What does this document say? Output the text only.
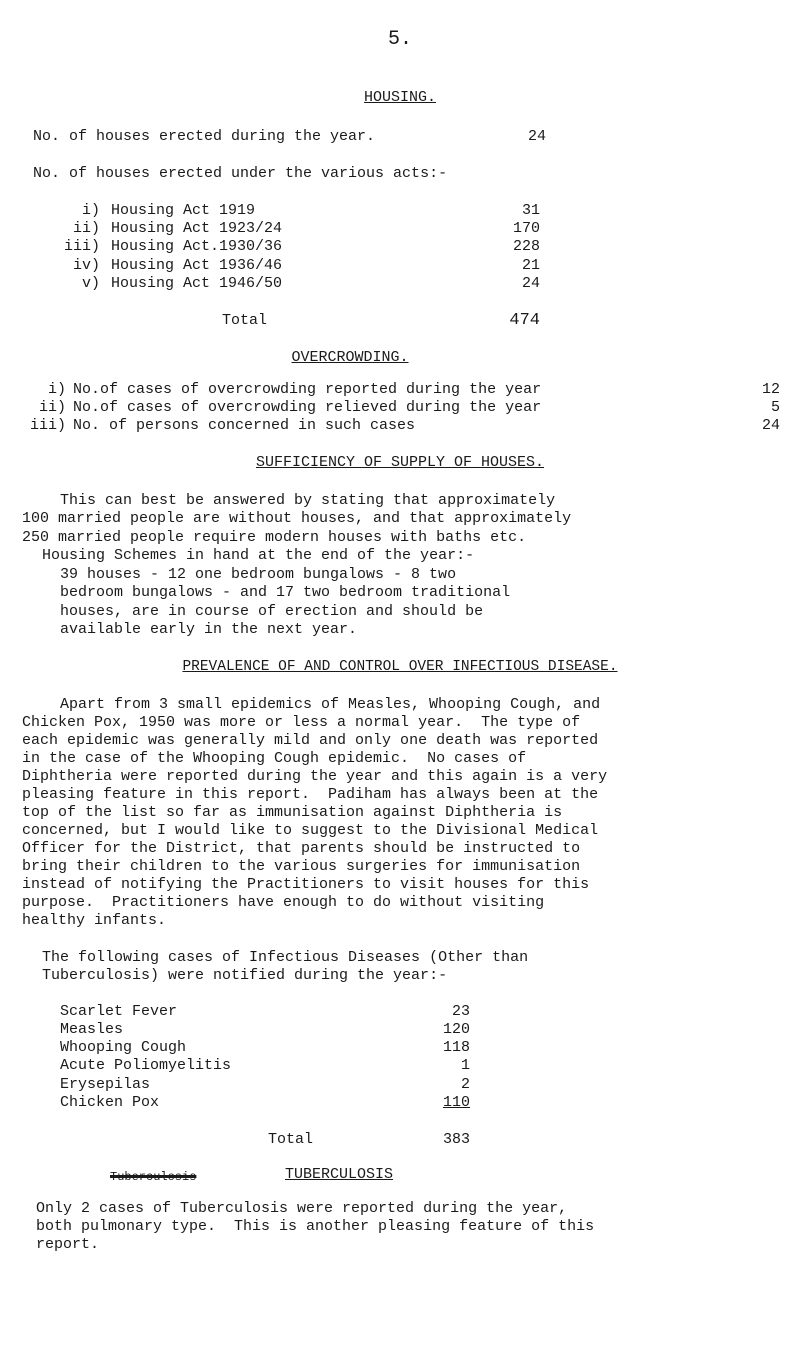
5.
HOUSING.
No. of houses erected during the year.	24
No. of houses erected under the various acts:-
i) Housing Act 1919	31
ii) Housing Act 1923/24	170
iii) Housing Act.1930/36	228
iv) Housing Act 1936/46	21
v) Housing Act 1946/50	24
Total	474
OVERCROWDING.
i) No.of cases of overcrowding reported during the year	12
ii) No.of cases of overcrowding relieved during the year	5
iii) No. of persons concerned in such cases	24
SUFFICIENCY OF SUPPLY OF HOUSES.
This can best be answered by stating that approximately
100 married people are without houses, and that approximately
250 married people require modern houses with baths etc.
Housing Schemes in hand at the end of the year:-
39 houses - 12 one bedroom bungalows - 8 two
bedroom bungalows - and 17 two bedroom traditional
houses, are in course of erection and should be
available early in the next year.
PREVALENCE OF AND CONTROL OVER INFECTIOUS DISEASE.
Apart from 3 small epidemics of Measles, Whooping Cough, and
Chicken Pox, 1950 was more or less a normal year.  The type of
each epidemic was generally mild and only one death was reported
in the case of the Whooping Cough epidemic.  No cases of
Diphtheria were reported during the year and this again is a very
pleasing feature in this report.  Padiham has always been at the
top of the list so far as immunisation against Diphtheria is
concerned, but I would like to suggest to the Divisional Medical
Officer for the District, that parents should be instructed to
bring their children to the various surgeries for immunisation
instead of notifying the Practitioners to visit houses for this
purpose.  Practitioners have enough to do without visiting
healthy infants.
The following cases of Infectious Diseases (Other than
Tuberculosis) were notified during the year:-
Scarlet Fever	23
Measles	120
Whooping Cough	118
Acute Poliomyelitis	1
Erysepilas	2
Chicken Pox	110
Total	383
Tuberculosis	TUBERCULOSIS
Only 2 cases of Tuberculosis were reported during the year,
both pulmonary type.  This is another pleasing feature of this
report.
